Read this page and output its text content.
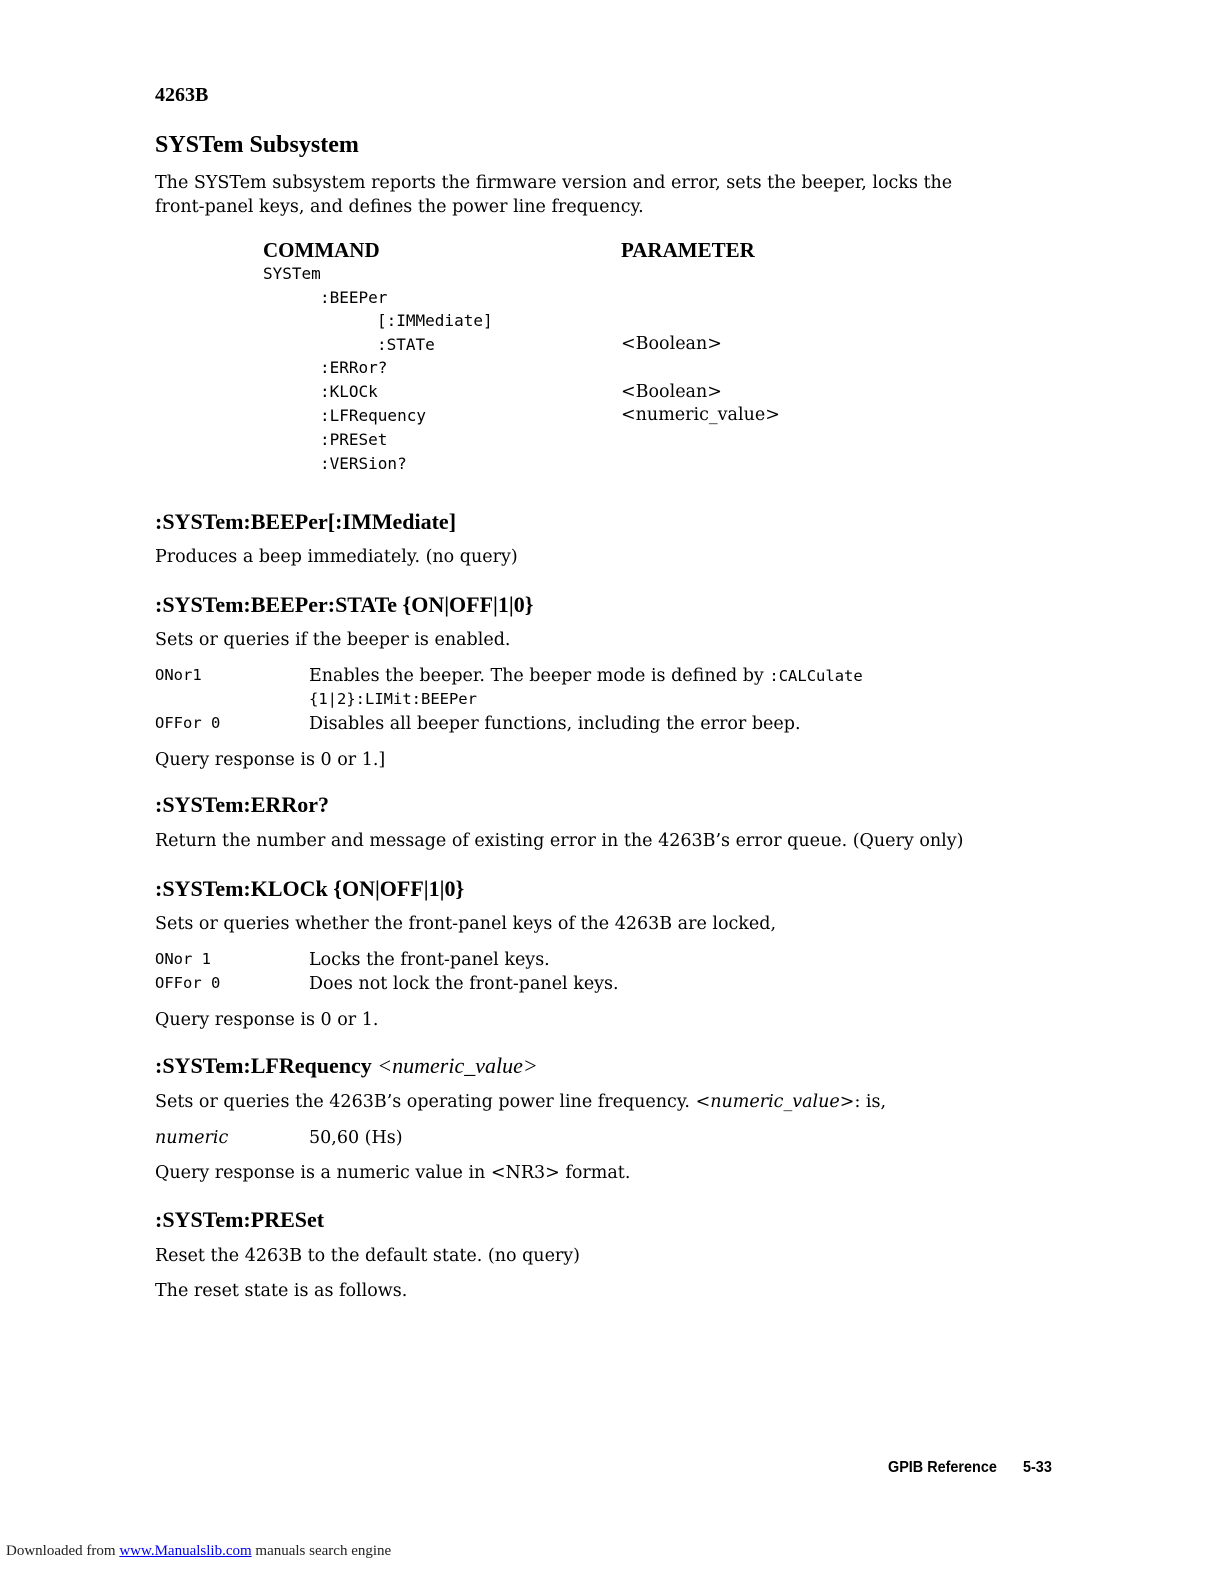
4263B
SYSTem Subsystem
The SYSTem subsystem reports the firmware version and error, sets the beeper, locks the
front-panel keys, and defines the power line frequency.
COMMAND	PARAMETER
SYSTem
:BEEPer
[:IMMediate]
:STATe	<Boolean>
:ERRor?
:KLOCk	<Boolean>
:LFRequency	<numeric_value>
:PRESet
:VERSion?
:SYSTem:BEEPer[:IMMediate]
Produces a beep immediately. (no query)
:SYSTem:BEEPer:STATe {ON|OFF|1|0}
Sets or queries if the beeper is enabled.
ONor1	Enables the beeper. The beeper mode is defined by :CALCulate
{1|2}:LIMit:BEEPer
OFFor 0	Disables all beeper functions, including the error beep.
Query response is 0 or 1.]
:SYSTem:ERRor?
Return the number and message of existing error in the 4263B’s error queue. (Query only)
:SYSTem:KLOCk {ON|OFF|1|0}
Sets or queries whether the front-panel keys of the 4263B are locked,
ONor 1	Locks the front-panel keys.
OFFor 0	Does not lock the front-panel keys.
Query response is 0 or 1.
:SYSTem:LFRequency <numeric_value>
Sets or queries the 4263B’s operating power line frequency. <numeric_value>: is,
numeric	50,60 (Hs)
Query response is a numeric value in <NR3> format.
:SYSTem:PRESet
Reset the 4263B to the default state. (no query)
The reset state is as follows.
GPIB Reference 5-33
Downloaded from www.Manualslib.com manuals search engine
